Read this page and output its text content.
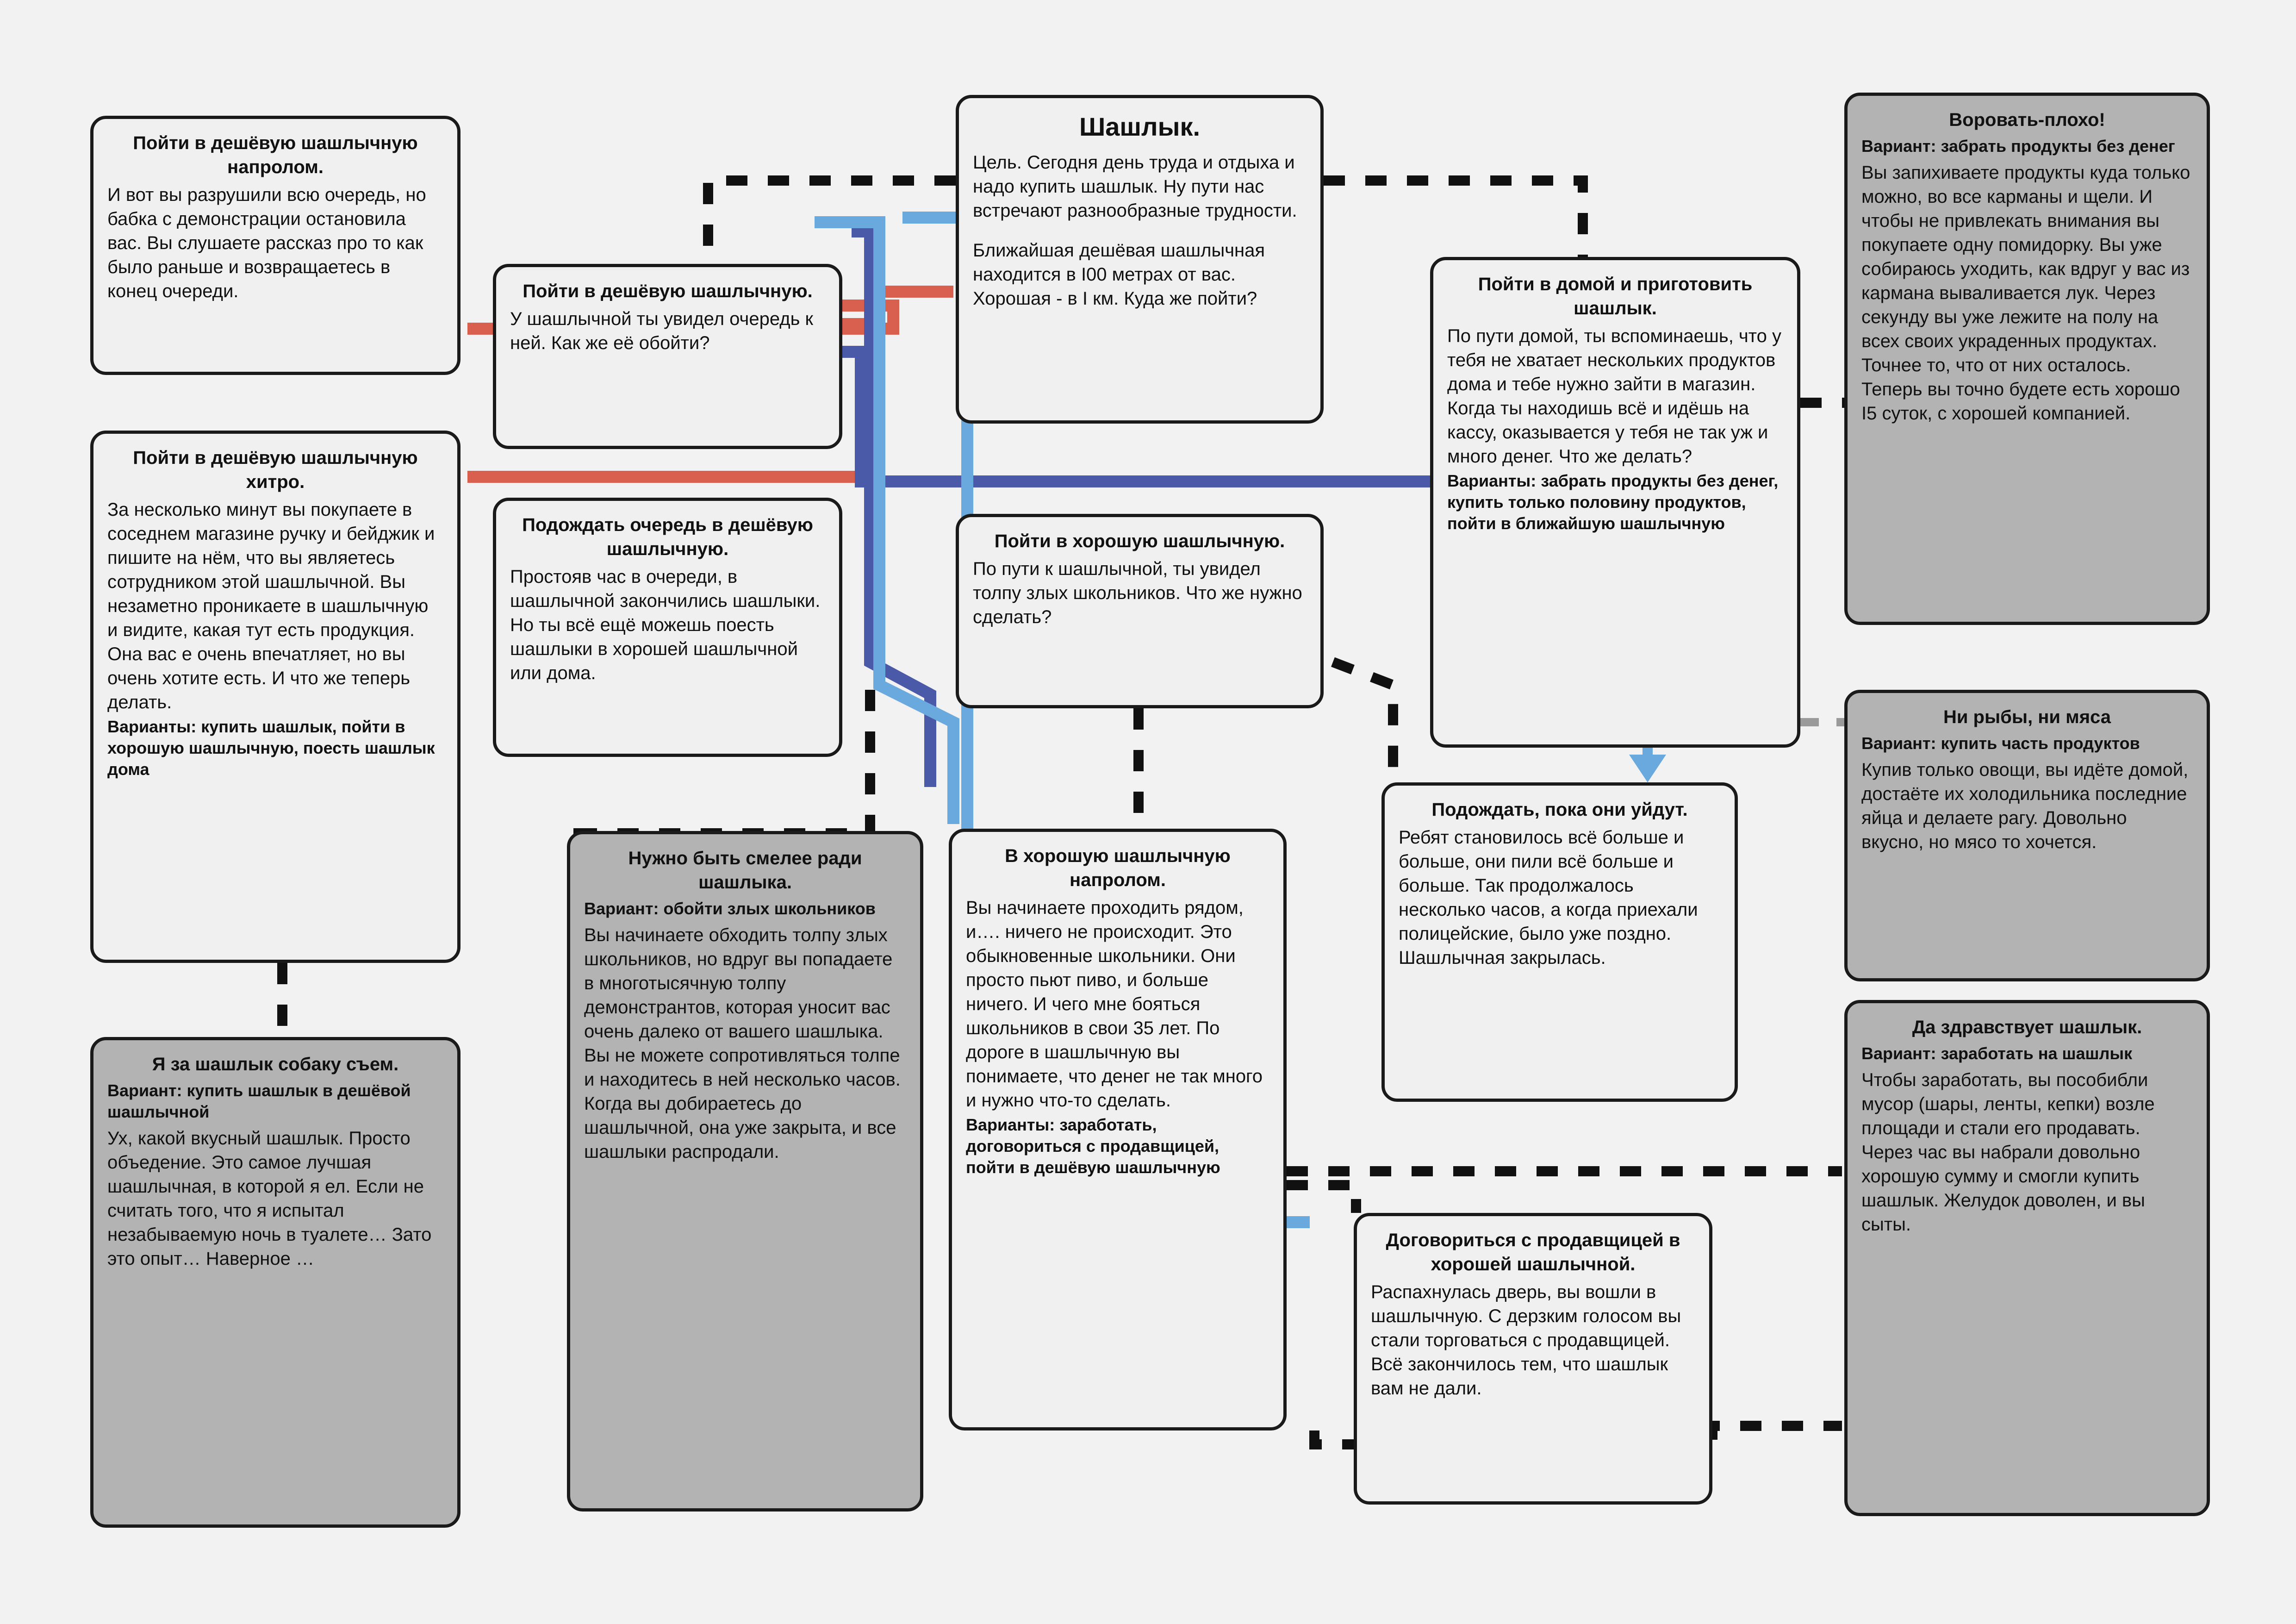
Шашлык.
Цель. Сегодня день труда и отдыха и надо купить шашлык. Ну пути нас встречают разнообразные трудности.
Ближайшая дешёвая шашлычная находится в I00 метрах от вас. Хорошая - в I км. Куда же пойти?
Пойти в дешёвую шашлычную.
У шашлычной ты увидел очередь к ней. Как же её обойти?
Пойти в дешёвую шашлычную напролом.
И вот вы разрушили всю очередь, но бабка с демонстрации остановила вас. Вы слушаете рассказ про то как было раньше и возвращаетесь в конец очереди.
Пойти в дешёвую шашлычную хитро.
За несколько минут вы покупаете в соседнем магазине ручку и бейджик и пишите на нём, что вы являетесь сотрудником этой шашлычной. Вы незаметно проникаете в шашлычную и видите, какая тут есть продукция. Она вас е очень впечатляет, но вы очень хотите есть. И что же теперь делать.
Варианты: купить шашлык, пойти в хорошую шашлычную, поесть шашлык дома
Подождать очередь в дешёвую шашлычную.
Простояв час в очереди, в шашлычной закончились шашлыки. Но ты всё ещё можешь поесть шашлыки в хорошей шашлычной или дома.
Я за шашлык собаку съем.
Вариант: купить шашлык в дешёвой шашлычной
Ух, какой вкусный шашлык. Просто объедение. Это самое лучшая шашлычная, в которой я ел. Если не считать того, что я испытал незабываемую ночь в туалете… Зато это опыт… Наверное …
Пойти в хорошую шашлычную.
По пути к шашлычной, ты увидел толпу злых школьников. Что же нужно сделать?
Нужно быть смелее ради шашлыка.
Вариант: обойти злых школьников
Вы начинаете обходить толпу злых школьников, но вдруг вы попадаете в многотысячную толпу демонстрантов, которая уносит вас очень далеко от вашего шашлыка. Вы не можете сопротивляться толпе и находитесь в ней несколько часов. Когда вы добираетесь до шашлычной, она уже закрыта, и все шашлыки распродали.
В хорошую шашлычную напролом.
Вы начинаете проходить рядом, и…. ничего не происходит. Это обыкновенные школьники. Они просто пьют пиво, и больше ничего. И чего мне бояться школьников в свои 35 лет. По дороге в шашлычную вы понимаете, что денег не так много и нужно что-то сделать.
Варианты: заработать, договориться с продавщицей, пойти в дешёвую шашлычную
Подождать, пока они уйдут.
Ребят становилось всё больше и больше, они пили всё больше и больше. Так продолжалось несколько часов, а когда приехали полицейские, было уже поздно. Шашлычная закрылась.
Пойти в домой и приготовить шашлык.
По пути домой, ты вспоминаешь, что у тебя не хватает нескольких продуктов дома и тебе нужно зайти в магазин. Когда ты находишь всё и идёшь на кассу, оказывается у тебя не так уж и много денег. Что же делать?
Варианты: забрать продукты без денег, купить только половину продуктов, пойти в ближайшую шашлычную
Договориться с продавщицей в хорошей шашлычной.
Распахнулась дверь, вы вошли в шашлычную. С дерзким голосом вы стали торговаться с продавщицей. Всё закончилось тем, что шашлык вам не дали.
Воровать-плохо!
Вариант: забрать продукты без денег
Вы запихиваете продукты куда только можно, во все карманы и щели. И чтобы не привлекать внимания вы покупаете одну помидорку. Вы уже собираюсь уходить, как вдруг у вас из кармана вываливается лук. Через секунду вы уже лежите на полу на всех своих украденных продуктах. Точнее то, что от них осталось. Теперь вы точно будете есть хорошо I5 суток, с хорошей компанией.
Ни рыбы, ни мяса
Вариант: купить часть продуктов
Купив только овощи, вы идёте домой, достаёте их холодильника последние яйца и делаете рагу. Довольно вкусно, но мясо то хочется.
Да здравствует шашлык.
Вариант: заработать на шашлык
Чтобы заработать, вы пособибли мусор (шары, ленты, кепки) возле площади и стали его продавать. Через час вы набрали довольно хорошую сумму и смогли купить шашлык. Желудок доволен, и вы сыты.
